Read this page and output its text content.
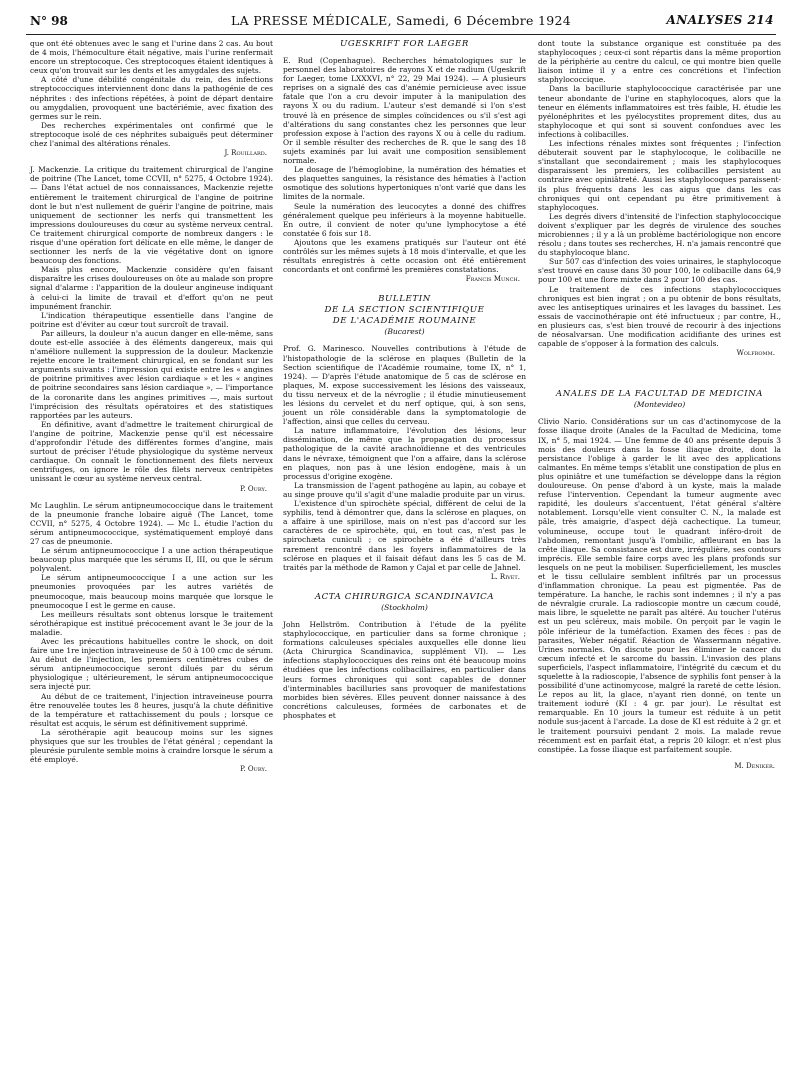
N° 98	LA PRESSE MÉDICALE, Samedi, 6 Décembre 1924	ANALYSES 214

que ont été obtenues avec le sang et l'urine dans 2 cas. Au bout de 4 mois, l'hémoculture était négative, mais l'urine renfermait encore un streptocoque. Ces streptocoques étaient identiques à ceux qu'on trouvait sur les dents et les amygdales des sujets.

A côté d'une débilité congénitale du rein, des infections streptococciques interviennent donc dans la pathogénie de ces néphrites : des infections répétées, à point de départ dentaire ou amygdalien, provoquent une bactériémie, avec fixation des germes sur le rein.

Des recherches expérimentales ont confirmé que le streptocoque isolé de ces néphrites subaiguës peut déterminer chez l'animal des altérations rénales.

J. Rouillard.

J. Mackenzie. La critique du traitement chirurgical de l'angine de poitrine (The Lancet, tome CCVII, n° 5275, 4 Octobre 1924). — Dans l'état actuel de nos connaissances, Mackenzie rejette entièrement le traitement chirurgical de l'angine de poitrine dont le but n'est nullement de guérir l'angine de poitrine, mais uniquement de sectionner les nerfs qui transmettent les impressions douloureuses du cœur au système nerveux central. Ce traitement chirurgical comporte de nombreux dangers : le risque d'une opération fort délicate en elle même, le danger de sectionner les nerfs de la vie végétative dont on ignore beaucoup des fonctions.

Mais plus encore, Mackenzie considère qu'en faisant disparaître les crises douloureuses on ôte au malade son propre signal d'alarme : l'apparition de la douleur angineuse indiquant à celui-ci la limite de travail et d'effort qu'on ne peut impunément franchir.

L'indication thérapeutique essentielle dans l'angine de poitrine est d'éviter au cœur tout surcroît de travail.

Par ailleurs, la douleur n'a aucun danger en elle-même, sans doute est-elle associée à des éléments dangereux, mais qui n'améliore nullement la suppression de la douleur. Mackenzie rejette encore le traitement chirurgical, en se fondant sur les arguments suivants : l'impression qui existe entre les « angines de poitrine primitives avec lésion cardiaque » et les « angines de poitrine secondaires sans lésion cardiaque », — l'importance de la coronarite dans les angines primitives —, mais surtout l'imprécision des résultats opératoires et des statistiques rapportées par les auteurs.

En définitive, avant d'admettre le traitement chirurgical de l'angine de poitrine, Mackenzie pense qu'il est nécessaire d'approfondir l'étude des différentes formes d'angine, mais surtout de préciser l'étude physiologique du système nerveux cardiaque. On connaît le fonctionnement des filets nerveux centrifuges, on ignore le rôle des filets nerveux centripètes unissant le cœur au système nerveux central.

P. Oury.

Mc Laughlin. Le sérum antipneumococcique dans le traitement de la pneumonie franche lobaire aiguë (The Lancet, tome CCVII, n° 5275, 4 Octobre 1924). — Mc L. étudie l'action du sérum antipneumococcique, systématiquement employé dans 27 cas de pneumonie.

Le sérum antipneumococcique I a une action thérapeutique beaucoup plus marquée que les sérums II, III, ou que le sérum polyvalent.

Le sérum antipneumococcique I a une action sur les pneumonies provoquées par les autres variétés de pneumocoque, mais beaucoup moins marquée que lorsque le pneumocoque I est le germe en cause.

Les meilleurs résultats sont obtenus lorsque le traitement sérothérapique est institué précocement avant le 3e jour de la maladie.

Avec les précautions habituelles contre le shock, on doit faire une 1re injection intraveineuse de 50 à 100 cmc de sérum. Au début de l'injection, les premiers centimètres cubes de sérum antipneumococcique seront dilués par du sérum physiologique ; ultérieurement, le sérum antipneumococcique sera injecté pur.

Au début de ce traitement, l'injection intraveineuse pourra être renouvelée toutes les 8 heures, jusqu'à la chute définitive de la température et rattachissement du pouls ; lorsque ce résultat est acquis, le sérum est définitivement supprimé.

La sérothérapie agit beaucoup moins sur les signes physiques que sur les troubles de l'état général ; cependant la pleurésie purulente semble moins à craindre lorsque le sérum a été employé.

P. Oury.
UGESKRIFT FOR LAEGER

E. Rud (Copenhague). Recherches hématologiques sur le personnel des laboratoires de rayons X et de radium (Ugeskrift for Laeger, tome LXXXVI, n° 22, 29 Mai 1924). — A plusieurs reprises on a signalé des cas d'anémie pernicieuse avec issue fatale que l'on a cru devoir imputer à la manipulation des rayons X ou du radium. L'auteur s'est demandé si l'on s'est trouvé là en présence de simples coïncidences ou s'il s'est agi d'altérations du sang constantes chez les personnes que leur profession expose à l'action des rayons X ou à celle du radium. Or il semble résulter des recherches de R. que le sang des 18 sujets examinés par lui avait une composition sensiblement normale.

Le dosage de l'hémoglobine, la numération des hématies et des plaquettes sanguines, la résistance des hématies à l'action osmotique des solutions hypertoniques n'ont varié que dans les limites de la normale.

Seule la numération des leucocytes a donné des chiffres généralement quelque peu inférieurs à la moyenne habituelle. En outre, il convient de noter qu'une lymphocytose a été constatée 6 fois sur 18.

Ajoutons que les examens pratiqués sur l'auteur ont été contrôlés sur les mêmes sujets à 18 mois d'intervalle, et que les résultats enregistrés à cette occasion ont été entièrement concordants et ont confirmé les premières constatations.

Francis Munch.
BULLETIN
DE LA SECTION SCIENTIFIQUE
DE L'ACADÉMIE ROUMAINE
(Bucarest)

Prof. G. Marinesco. Nouvelles contributions à l'étude de l'histopathologie de la sclérose en plaques (Bulletin de la Section scientifique de l'Académie roumaine, tome IX, n° 1, 1924). — D'après l'étude anatomique de 5 cas de sclérose en plaques, M. expose successivement les lésions des vaisseaux, du tissu nerveux et de la névroglie ; il étudie minutieusement les lésions du cervelet et du nerf optique, qui, à son sens, jouent un rôle considérable dans la symptomatologie de l'affection, ainsi que celles du cerveau.

La nature inflammatoire, l'évolution des lésions, leur dissémination, de même que la propagation du processus pathologique de la cavité arachnoïdienne et des ventricules dans le névraxe, témoignent que l'on a affaire, dans la sclérose en plaques, non pas à une lésion endogène, mais à un processus d'origine exogène.

La transmission de l'agent pathogène au lapin, au cobaye et au singe prouve qu'il s'agit d'une maladie produite par un virus.

L'existence d'un spirochète spécial, différent de celui de la syphilis, tend à démontrer que, dans la sclérose en plaques, on a affaire à une spirillose, mais on n'est pas d'accord sur les caractères de ce spirochète, qui, en tout cas, n'est pas le spirochæta cuniculi ; ce spirochète a été d'ailleurs très rarement rencontré dans les foyers inflammatoires de la sclérose en plaques et il faisait défaut dans les 5 cas de M. traités par la méthode de Ramon y Cajal et par celle de Jahnel.

L. Rivet.
ACTA CHIRURGICA SCANDINAVICA
(Stockholm)

John Hellström. Contribution à l'étude de la pyélite staphylococcique, en particulier dans sa forme chronique ; formations calculeuses spéciales auxquelles elle donne lieu (Acta Chirurgica Scandinavica, supplément VI). — Les infections staphylococciques des reins ont été beaucoup moins étudiées que les infections colibacillaires, en particulier dans leurs formes chroniques qui sont capables de donner d'interminables bacilluries sans provoquer de manifestations morbides bien sévères. Elles peuvent donner naissance à des concrétions calculeuses, formées de carbonates et de phosphates et

dont toute la substance organique est constituée pa des staphylocoques ; ceux-ci sont répartis dans la même proportion de la périphérie au centre du calcul, ce qui montre bien quelle liaison intime il y a entre ces concrétions et l'infection staphylococcique.

Dans la bacillurie staphylococcique caractérisée par une teneur abondante de l'urine en staphylocoques, alors que la teneur en éléments inflammatoires est très faible, H. étudie les pyélonéphrites et les pyélocystites proprement dites, dus au staphylocoque et qui sont si souvent confondues avec les infections à colibacilles.

Les infections rénales mixtes sont fréquentes ; l'infection débuterait souvent par le staphylocoque, le colibacille ne s'installant que secondairement ; mais les staphylocoques disparaissent les premiers, les colibacilles persistent au contraire avec opiniâtreté. Aussi les staphylocoques paraissent-ils plus fréquents dans les cas aigus que dans les cas chroniques qui ont cependant pu être primitivement à staphylocoques.

Les degrés divers d'intensité de l'infection staphylococcique doivent s'expliquer par les degrés de virulence des souches microbiennes ; il y a là un problème bactériologique non encore résolu ; dans toutes ses recherches, H. n'a jamais rencontré que du staphylocoque blanc.

Sur 507 cas d'infection des voies urinaires, le staphylocoque s'est trouvé en cause dans 30 pour 100, le colibacille dans 64,9 pour 100 et une flore mixte dans 2 pour 100 des cas.

Le traitement de ces infections staphylococciques chroniques est bien ingrat ; on a pu obtenir de bons résultats, avec les antiseptiques urinaires et les lavages du bassinet. Les essais de vaccinothérapie ont été infructueux ; par contre, H., en plusieurs cas, s'est bien trouvé de recourir à des injections de néosalvarsan. Une modification acidifiante des urines est capable de s'opposer à la formation des calculs.

Wolfromm.
ANALES DE LA FACULTAD DE MEDICINA
(Montevideo)

Clivio Nario. Considérations sur un cas d'actinomycose de la fosse iliaque droite (Anales de la Facultad de Medicina, tome IX, n° 5, mai 1924. — Une femme de 40 ans présente depuis 3 mois des douleurs dans la fosse iliaque droite, dont la persistance l'oblige à garder le lit avec des applications calmantes. En même temps s'établit une constipation de plus en plus opiniâtre et une tuméfaction se développe dans la région douloureuse. On pense d'abord à un kyste, mais la malade refuse l'intervention. Cependant la tumeur augmente avec rapidité, les douleurs s'accentuent, l'état général s'altère notablement. Lorsqu'elle vient consulter C. N., la malade est pâle, très amaigrie, d'aspect déjà cachectique. La tumeur, volumineuse, occupe tout le quadrant inféro-droit de l'abdomen, remontant jusqu'à l'ombilic, affleurant en bas la crête iliaque. Sa consistance est dure, irrégulière, ses contours imprécis. Elle semble faire corps avec les plans profonds sur lesquels on ne peut la mobiliser. Superficiellement, les muscles et le tissu cellulaire semblent infiltrés par un processus d'inflammation chronique. La peau est pigmentée. Pas de température. La hanche, le rachis sont indemnes ; il n'y a pas de névralgie crurale. La radioscopie montre un cæcum coudé, mais libre, le squelette ne paraît pas altéré. Au toucher l'utérus est un peu scléreux, mais mobile. On perçoit par le vagin le pôle inférieur de la tuméfaction. Examen des fèces : pas de parasites, Weber négatif. Réaction de Wassermann négative. Urines normales. On discute pour les éliminer le cancer du cæcum infecté et le sarcome du bassin. L'invasion des plans superficiels, l'aspect inflammatoire, l'intégrité du cæcum et du squelette à la radioscopie, l'absence de syphilis font penser à la possibilité d'une actinomycose, malgré la rareté de cette lésion. Le repos au lit, la glace, n'ayant rien donné, on tente un traitement ioduré (KI : 4 gr. par jour). Le résultat est remarquable. En 10 jours la tumeur est réduite à un petit nodule sus-jacent à l'arcade. La dose de KI est réduite à 2 gr. et le traitement poursuivi pendant 2 mois. La malade revue récemment est en parfait état, a repris 20 kilogr. et n'est plus constipée. La fosse iliaque est parfaitement souple.

M. Deniker.
